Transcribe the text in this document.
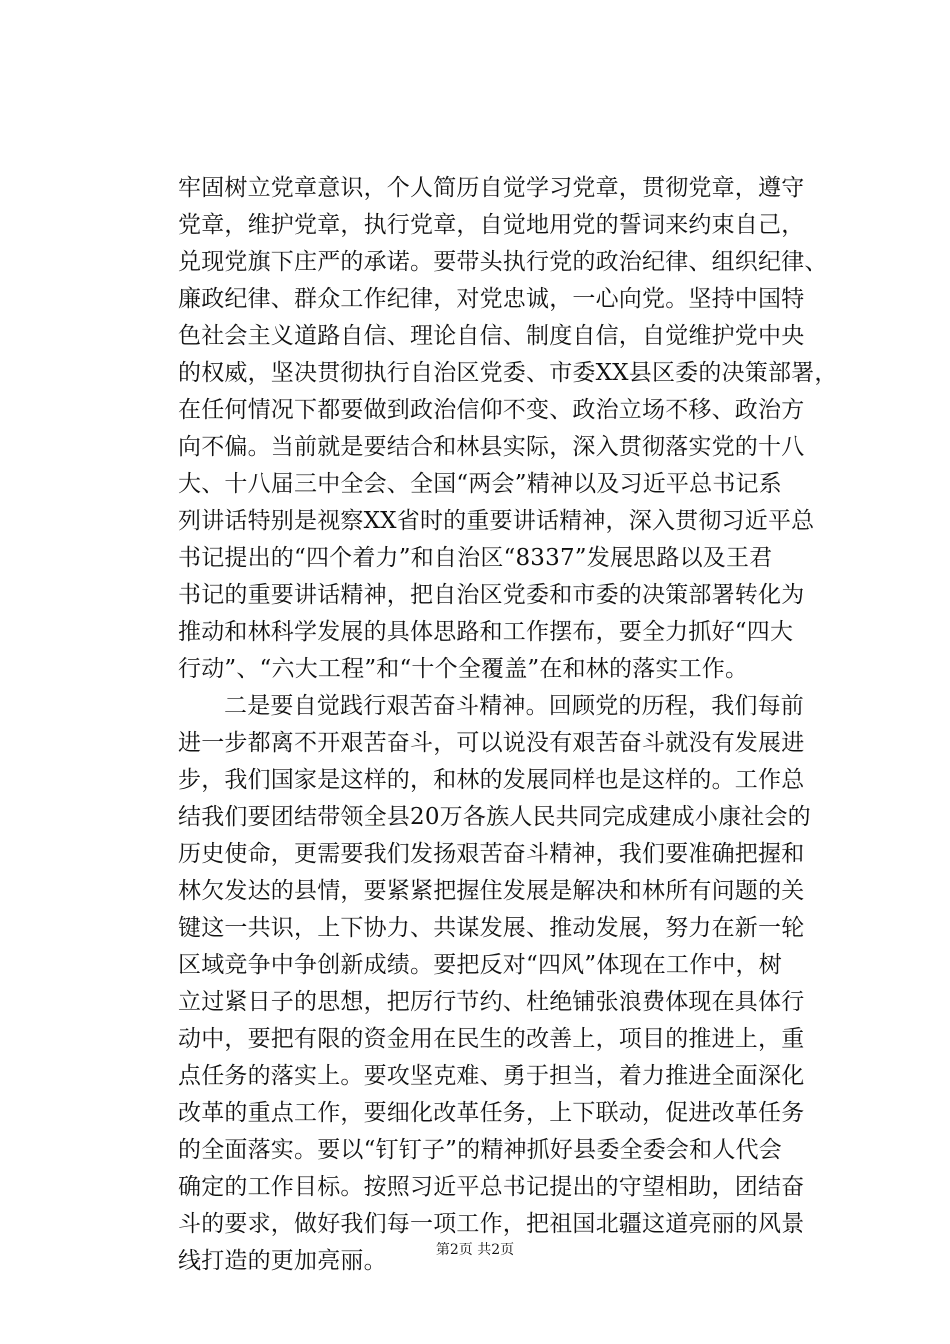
牢固树立党章意识，个人简历自觉学习党章，贯彻党章，遵守
党章，维护党章，执行党章，自觉地用党的誓词来约束自己，
兑现党旗下庄严的承诺。要带头执行党的政治纪律、组织纪律、
廉政纪律、群众工作纪律，对党忠诚，一心向党。坚持中国特
色社会主义道路自信、理论自信、制度自信，自觉维护党中央
的权威，坚决贯彻执行自治区党委、市委XX县区委的决策部署，
在任何情况下都要做到政治信仰不变、政治立场不移、政治方
向不偏。当前就是要结合和林县实际，深入贯彻落实党的十八
大、十八届三中全会、全国“两会”精神以及习近平总书记系
列讲话特别是视察XX省时的重要讲话精神，深入贯彻习近平总
书记提出的“四个着力”和自治区“8337”发展思路以及王君
书记的重要讲话精神，把自治区党委和市委的决策部署转化为
推动和林科学发展的具体思路和工作摆布，要全力抓好“四大
行动”、“六大工程”和“十个全覆盖”在和林的落实工作。
二是要自觉践行艰苦奋斗精神。回顾党的历程，我们每前
进一步都离不开艰苦奋斗，可以说没有艰苦奋斗就没有发展进
步，我们国家是这样的，和林的发展同样也是这样的。工作总
结我们要团结带领全县20万各族人民共同完成建成小康社会的
历史使命，更需要我们发扬艰苦奋斗精神，我们要准确把握和
林欠发达的县情，要紧紧把握住发展是解决和林所有问题的关
键这一共识，上下协力、共谋发展、推动发展，努力在新一轮
区域竞争中争创新成绩。要把反对“四风”体现在工作中，树
立过紧日子的思想，把厉行节约、杜绝铺张浪费体现在具体行
动中，要把有限的资金用在民生的改善上，项目的推进上，重
点任务的落实上。要攻坚克难、勇于担当，着力推进全面深化
改革的重点工作，要细化改革任务，上下联动，促进改革任务
的全面落实。要以“钉钉子”的精神抓好县委全委会和人代会
确定的工作目标。按照习近平总书记提出的守望相助，团结奋
斗的要求，做好我们每一项工作，把祖国北疆这道亮丽的风景
线打造的更加亮丽。	第2页 共2页
